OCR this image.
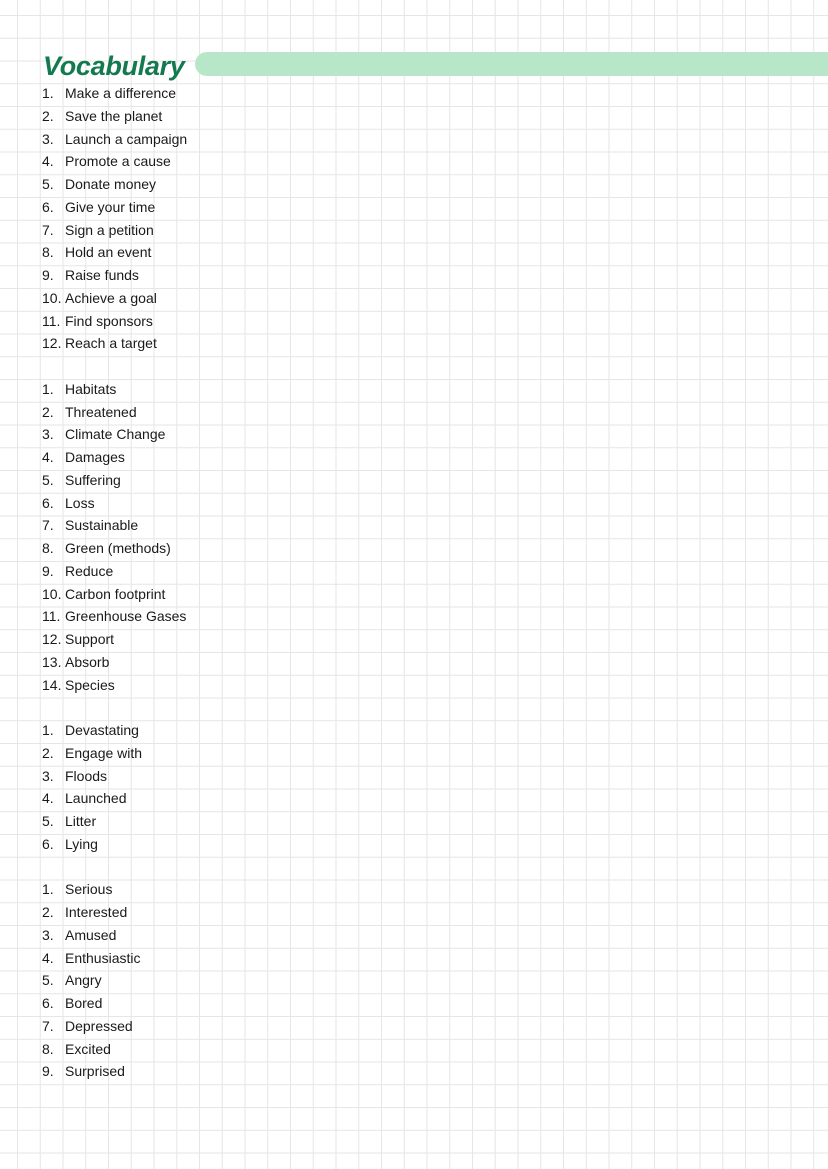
Vocabulary
1. Make a difference
2. Save the planet
3. Launch a campaign
4. Promote a cause
5. Donate money
6. Give your time
7. Sign a petition
8. Hold an event
9. Raise funds
10. Achieve a goal
11. Find sponsors
12. Reach a target
1. Habitats
2. Threatened
3. Climate Change
4. Damages
5. Suffering
6. Loss
7. Sustainable
8. Green (methods)
9. Reduce
10. Carbon footprint
11. Greenhouse Gases
12. Support
13. Absorb
14. Species
1. Devastating
2. Engage with
3. Floods
4. Launched
5. Litter
6. Lying
1. Serious
2. Interested
3. Amused
4. Enthusiastic
5. Angry
6. Bored
7. Depressed
8. Excited
9. Surprised
